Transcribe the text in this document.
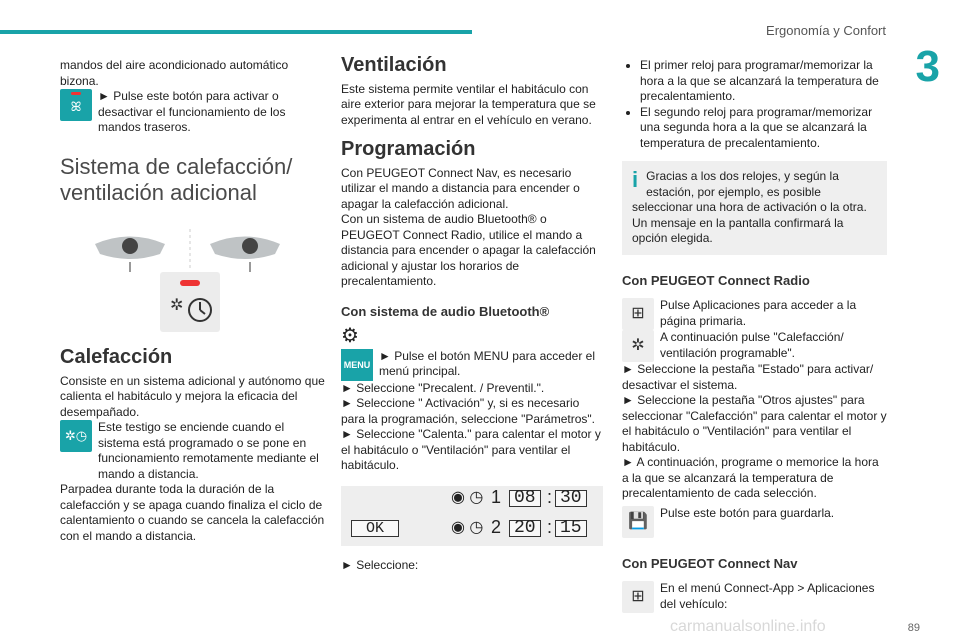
Ergonomía y Confort
3
89
carmanualsonline.info

mandos del aire acondicionado automático bizona.

ꕤ

► Pulse este botón para activar o desactivar el funcionamiento de los mandos traseros.

Sistema de calefacción/ ventilación adicional
✲
Calefacción

Consiste en un sistema adicional y autónomo que calienta el habitáculo y mejora la eficacia del desempañado.

✲◷

Este testigo se enciende cuando el sistema está programado o se pone en funcionamiento remotamente mediante el mando a distancia.

Parpadea durante toda la duración de la calefacción y se apaga cuando finaliza el ciclo de calentamiento o cuando se cancela la calefacción con el mando a distancia.

Ventilación

Este sistema permite ventilar el habitáculo con aire exterior para mejorar la temperatura que se experimenta al entrar en el vehículo en verano.

Programación

Con PEUGEOT Connect Nav, es necesario utilizar el mando a distancia para encender o apagar la calefacción adicional.

Con un sistema de audio Bluetooth® o PEUGEOT Connect Radio, utilice el mando a distancia para encender o apagar la calefacción adicional y ajustar los horarios de precalentamiento.

Con sistema de audio Bluetooth®
⚙
MENU

► Pulse el botón MENU para acceder el menú principal.

► Seleccione "Precalent. / Preventil.".

► Seleccione " Activación" y, si es necesario para la programación, seleccione "Parámetros".

► Seleccione "Calenta." para calentar el motor y el habitáculo o "Ventilación" para ventilar el habitáculo.

◉ ◷ 1 08 : 30
OK	◉ ◷ 2 20 : 15

► Seleccione:

• El primer reloj para programar/memorizar la hora a la que se alcanzará la temperatura de precalentamiento.
• El segundo reloj para programar/memorizar una segunda hora a la que se alcanzará la temperatura de precalentamiento.
i Gracias a los dos relojes, y según la estación, por ejemplo, es posible seleccionar una hora de activación o la otra. Un mensaje en la pantalla confirmará la opción elegida.

Con PEUGEOT Connect Radio
⊞	Pulse Aplicaciones para acceder a la página primaria.

✲	A continuación pulse "Calefacción/ ventilación programable".

► Seleccione la pestaña "Estado" para activar/ desactivar el sistema.

► Seleccione la pestaña "Otros ajustes" para seleccionar "Calefacción" para calentar el motor y el habitáculo o "Ventilación" para ventilar el habitáculo.

► A continuación, programe o memorice la hora a la que se alcanzará la temperatura de precalentamiento de cada selección.

💾	Pulse este botón para guardarla.

Con PEUGEOT Connect Nav
⊞	En el menú Connect-App > Aplicaciones del vehículo:
